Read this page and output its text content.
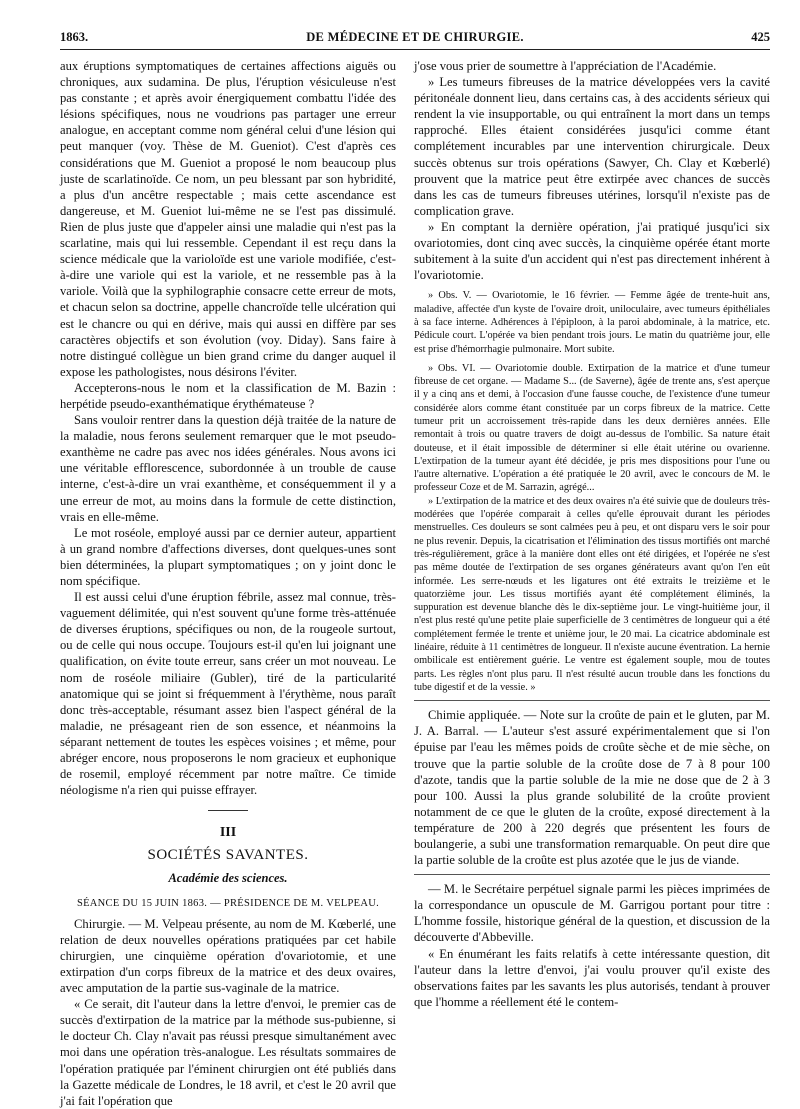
1863.	DE MÉDECINE ET DE CHIRURGIE.	425

aux éruptions symptomatiques de certaines affections aiguës ou chroniques, aux sudamina. De plus, l'éruption vésiculeuse n'est pas constante ; et après avoir énergiquement combattu l'idée des lésions spécifiques, nous ne voudrions pas partager une erreur analogue, en acceptant comme nom général celui d'une lésion qui peut manquer (voy. Thèse de M. Gueniot). C'est d'après ces considérations que M. Gueniot a proposé le nom beaucoup plus juste de scarlatinoïde. Ce nom, un peu blessant par son hybridité, a plus d'un ancêtre respectable ; mais cette ascendance est dangereuse, et M. Gueniot lui-même ne se l'est pas dissimulé. Rien de plus juste que d'appeler ainsi une maladie qui n'est pas la scarlatine, mais qui lui ressemble. Cependant il est reçu dans la science médicale que la varioloïde est une variole modifiée, c'est-à-dire une variole qui est la variole, et ne ressemble pas à la variole. Voilà que la syphilographie consacre cette erreur de mots, et chacun selon sa doctrine, appelle chancroïde telle ulcération qui est le chancre ou qui en dérive, mais qui aussi en diffère par ses caractères objectifs et son évolution (voy. Diday). Sans faire à notre distingué collègue un bien grand crime du danger auquel il expose les pathologistes, nous désirons l'éviter.

Accepterons-nous le nom et la classification de M. Bazin : herpétide pseudo-exanthématique érythémateuse ?

Sans vouloir rentrer dans la question déjà traitée de la nature de la maladie, nous ferons seulement remarquer que le mot pseudo-exanthème ne cadre pas avec nos idées générales. Nous avons ici une véritable efflorescence, subordonnée à un trouble de cause interne, c'est-à-dire un vrai exanthème, et conséquemment il y a une erreur de mot, au moins dans la formule de cette distinction, vrais en elle-même.

Le mot roséole, employé aussi par ce dernier auteur, appartient à un grand nombre d'affections diverses, dont quelques-unes sont bien déterminées, la plupart symptomatiques ; on y joint donc le nom spécifique.

Il est aussi celui d'une éruption fébrile, assez mal connue, très-vaguement délimitée, qui n'est souvent qu'une forme très-atténuée de diverses éruptions, spécifiques ou non, de la rougeole surtout, ou de celle qui nous occupe. Toujours est-il qu'en lui joignant une qualification, on évite toute erreur, sans créer un mot nouveau. Le nom de roséole miliaire (Gubler), tiré de la particularité anatomique qui se joint si fréquemment à l'érythème, nous paraît donc très-acceptable, résumant assez bien l'aspect général de la maladie, ne présageant rien de son essence, et néanmoins la séparant nettement de toutes les espèces voisines ; et même, pour abréger encore, nous proposerons le nom gracieux et euphonique de rosemil, employé récemment par notre maître. Ce timide néologisme n'a rien qui puisse effrayer.

III
SOCIÉTÉS SAVANTES.
Académie des sciences.
SÉANCE DU 15 JUIN 1863. — PRÉSIDENCE DE M. VELPEAU.

Chirurgie. — M. Velpeau présente, au nom de M. Kœberlé, une relation de deux nouvelles opérations pratiquées par cet habile chirurgien, une cinquième opération d'ovariotomie, et une extirpation d'un corps fibreux de la matrice et des deux ovaires, avec amputation de la partie sus-vaginale de la matrice.

« Ce serait, dit l'auteur dans la lettre d'envoi, le premier cas de succès d'extirpation de la matrice par la méthode sus-pubienne, si le docteur Ch. Clay n'avait pas réussi presque simultanément avec moi dans une opération très-analogue. Les résultats sommaires de l'opération pratiquée par l'éminent chirurgien ont été publiés dans la Gazette médicale de Londres, le 18 avril, et c'est le 20 avril que j'ai fait l'opération que

j'ose vous prier de soumettre à l'appréciation de l'Académie.

» Les tumeurs fibreuses de la matrice développées vers la cavité péritonéale donnent lieu, dans certains cas, à des accidents sérieux qui rendent la vie insupportable, ou qui entraînent la mort dans un temps rapproché. Elles étaient considérées jusqu'ici comme étant complétement incurables par une intervention chirurgicale. Deux succès obtenus sur trois opérations (Sawyer, Ch. Clay et Kœberlé) prouvent que la matrice peut être extirpée avec chances de succès dans les cas de tumeurs fibreuses utérines, lorsqu'il n'existe pas de complication grave.

» En comptant la dernière opération, j'ai pratiqué jusqu'ici six ovariotomies, dont cinq avec succès, la cinquième opérée étant morte subitement à la suite d'un accident qui n'est pas directement inhérent à l'ovariotomie.

» Obs. V. — Ovariotomie, le 16 février. — Femme âgée de trente-huit ans, maladive, affectée d'un kyste de l'ovaire droit, uniloculaire, avec tumeurs épithéliales à sa face interne. Adhérences à l'épiploon, à la paroi abdominale, à la matrice, etc. Pédicule court. L'opérée va bien pendant trois jours. Le matin du quatrième jour, elle est prise d'hémorrhagie pulmonaire. Mort subite.

» Obs. VI. — Ovariotomie double. Extirpation de la matrice et d'une tumeur fibreuse de cet organe. — Madame S... (de Saverne), âgée de trente ans, s'est aperçue il y a cinq ans et demi, à l'occasion d'une fausse couche, de l'existence d'une tumeur considérée alors comme étant constituée par un corps fibreux de la matrice. Cette tumeur prit un accroissement très-rapide dans les deux dernières années. Elle remontait à trois ou quatre travers de doigt au-dessus de l'ombilic. Sa nature était douteuse, et il était impossible de déterminer si elle était utérine ou ovarienne. L'extirpation de la tumeur ayant été décidée, je pris mes dispositions pour l'une ou l'autre alternative. L'opération a été pratiquée le 20 avril, avec le concours de M. le professeur Coze et de M. Sarrazin, agrégé...

» L'extirpation de la matrice et des deux ovaires n'a été suivie que de douleurs très-modérées que l'opérée comparait à celles qu'elle éprouvait durant les périodes menstruelles. Ces douleurs se sont calmées peu à peu, et ont disparu vers le soir pour ne plus revenir. Depuis, la cicatrisation et l'élimination des tissus mortifiés ont marché très-régulièrement, grâce à la manière dont elles ont été dirigées, et l'opérée ne s'est pas même doutée de l'extirpation de ses organes générateurs avant qu'on l'en eût informée. Les serre-nœuds et les ligatures ont été extraits le treizième et le quatorzième jour. Les tissus mortifiés ayant été complétement éliminés, la suppuration est devenue blanche dès le dix-septième jour. Le vingt-huitième jour, il n'est plus resté qu'une petite plaie superficielle de 3 centimètres de longueur qui a été complétement fermée le trente et unième jour, le 20 mai. La cicatrice abdominale est linéaire, réduite à 11 centimètres de longueur. Il n'existe aucune éventration. La hernie ombilicale est entièrement guérie. Le ventre est également souple, mou de toutes parts. Les règles n'ont plus paru. Il n'est résulté aucun trouble dans les fonctions du tube digestif et de la vessie. »

Chimie appliquée. — Note sur la croûte de pain et le gluten, par M. J. A. Barral. — L'auteur s'est assuré expérimentalement que si l'on épuise par l'eau les mêmes poids de croûte sèche et de mie sèche, on trouve que la partie soluble de la croûte dose de 7 à 8 pour 100 d'azote, tandis que la partie soluble de la mie ne dose que de 2 à 3 pour 100. Aussi la plus grande solubilité de la croûte provient notamment de ce que le gluten de la croûte, exposé directement à la température de 200 à 220 degrés que présentent les fours de boulangerie, a subi une transformation remarquable. On peut dire que la partie soluble de la croûte est plus azotée que le jus de viande.

— M. le Secrétaire perpétuel signale parmi les pièces imprimées de la correspondance un opuscule de M. Garrigou portant pour titre : L'homme fossile, historique général de la question, et discussion de la découverte d'Abbeville.

« En énumérant les faits relatifs à cette intéressante question, dit l'auteur dans la lettre d'envoi, j'ai voulu prouver qu'il existe des observations faites par les savants les plus autorisés, tendant à prouver que l'homme a réellement été le contem-
